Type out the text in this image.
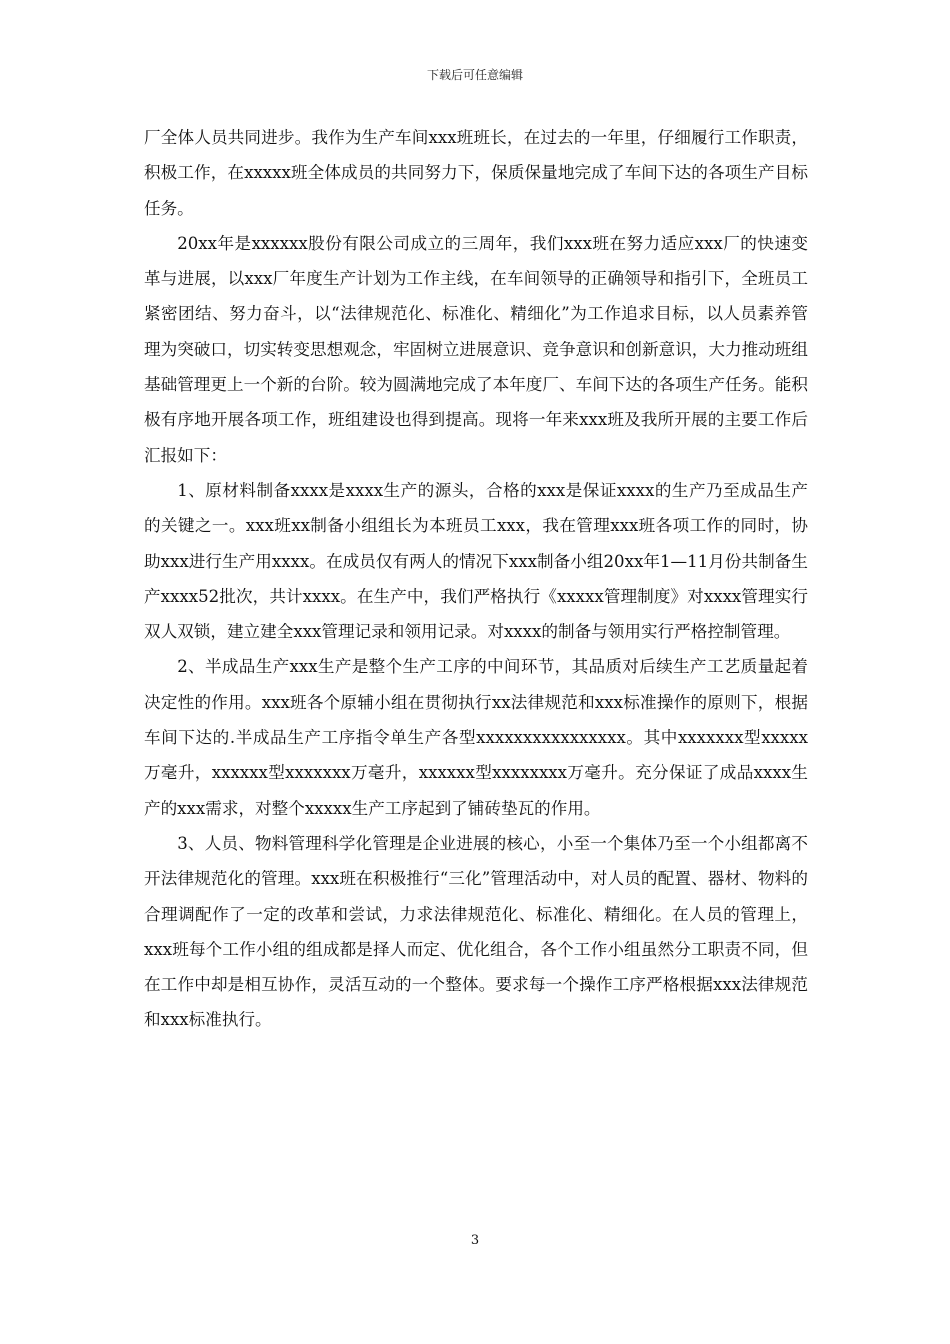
下载后可任意编辑

厂全体人员共同进步。我作为生产车间xxx班班长，在过去的一年里，仔细履行工作职责，积极工作，在xxxxx班全体成员的共同努力下，保质保量地完成了车间下达的各项生产目标任务。

20xx年是xxxxxx股份有限公司成立的三周年，我们xxx班在努力适应xxx厂的快速变革与进展，以xxx厂年度生产计划为工作主线，在车间领导的正确领导和指引下，全班员工紧密团结、努力奋斗，以“法律规范化、标准化、精细化”为工作追求目标，以人员素养管理为突破口，切实转变思想观念，牢固树立进展意识、竞争意识和创新意识，大力推动班组基础管理更上一个新的台阶。较为圆满地完成了本年度厂、车间下达的各项生产任务。能积极有序地开展各项工作，班组建设也得到提高。现将一年来xxx班及我所开展的主要工作后汇报如下：

1、原材料制备xxxx是xxxx生产的源头，合格的xxx是保证xxxx的生产乃至成品生产的关键之一。xxx班xx制备小组组长为本班员工xxx，我在管理xxx班各项工作的同时，协助xxx进行生产用xxxx。在成员仅有两人的情况下xxx制备小组20xx年1—11月份共制备生产xxxx52批次，共计xxxx。在生产中，我们严格执行《xxxxx管理制度》对xxxx管理实行双人双锁，建立建全xxx管理记录和领用记录。对xxxx的制备与领用实行严格控制管理。

2、半成品生产xxx生产是整个生产工序的中间环节，其品质对后续生产工艺质量起着决定性的作用。xxx班各个原辅小组在贯彻执行xx法律规范和xxx标准操作的原则下，根据车间下达的.半成品生产工序指令单生产各型xxxxxxxxxxxxxxxx。其中xxxxxxx型xxxxx万毫升，xxxxxx型xxxxxxx万毫升，xxxxxx型xxxxxxxx万毫升。充分保证了成品xxxx生产的xxx需求，对整个xxxxx生产工序起到了铺砖垫瓦的作用。

3、人员、物料管理科学化管理是企业进展的核心，小至一个集体乃至一个小组都离不开法律规范化的管理。xxx班在积极推行“三化”管理活动中，对人员的配置、器材、物料的合理调配作了一定的改革和尝试，力求法律规范化、标准化、精细化。在人员的管理上，xxx班每个工作小组的组成都是择人而定、优化组合，各个工作小组虽然分工职责不同，但在工作中却是相互协作，灵活互动的一个整体。要求每一个操作工序严格根据xxx法律规范和xxx标准执行。

3
